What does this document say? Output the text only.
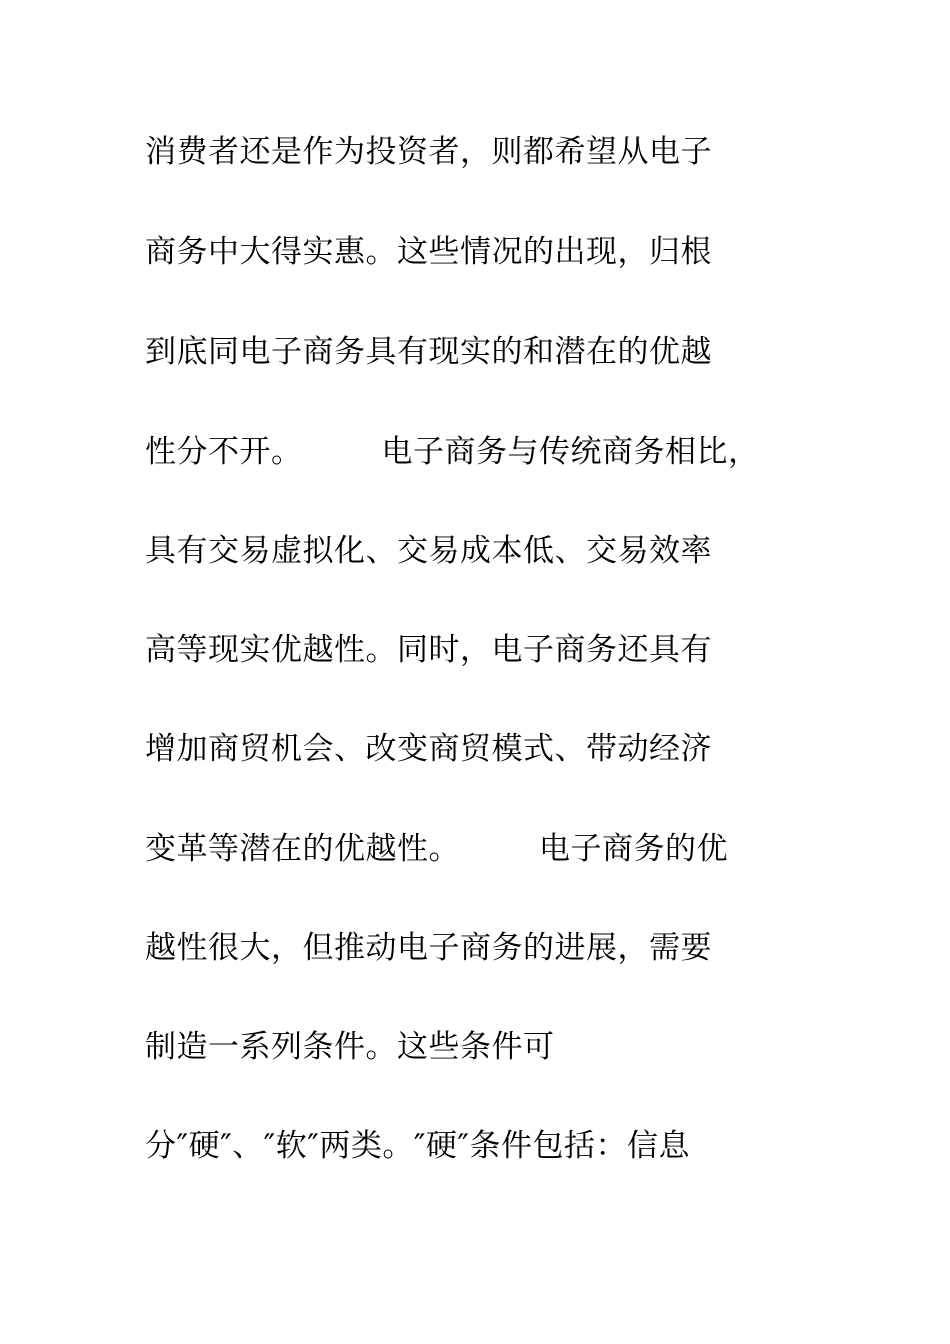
消费者还是作为投资者，则都希望从电子
商务中大得实惠。这些情况的出现，归根
到底同电子商务具有现实的和潜在的优越
性分不开。　　　电子商务与传统商务相比，
具有交易虚拟化、交易成本低、交易效率
高等现实优越性。同时，电子商务还具有
增加商贸机会、改变商贸模式、带动经济
变革等潜在的优越性。　　　电子商务的优
越性很大，但推动电子商务的进展，需要
制造一系列条件。这些条件可
分″硬″、″软″两类。″硬″条件包括：信息
